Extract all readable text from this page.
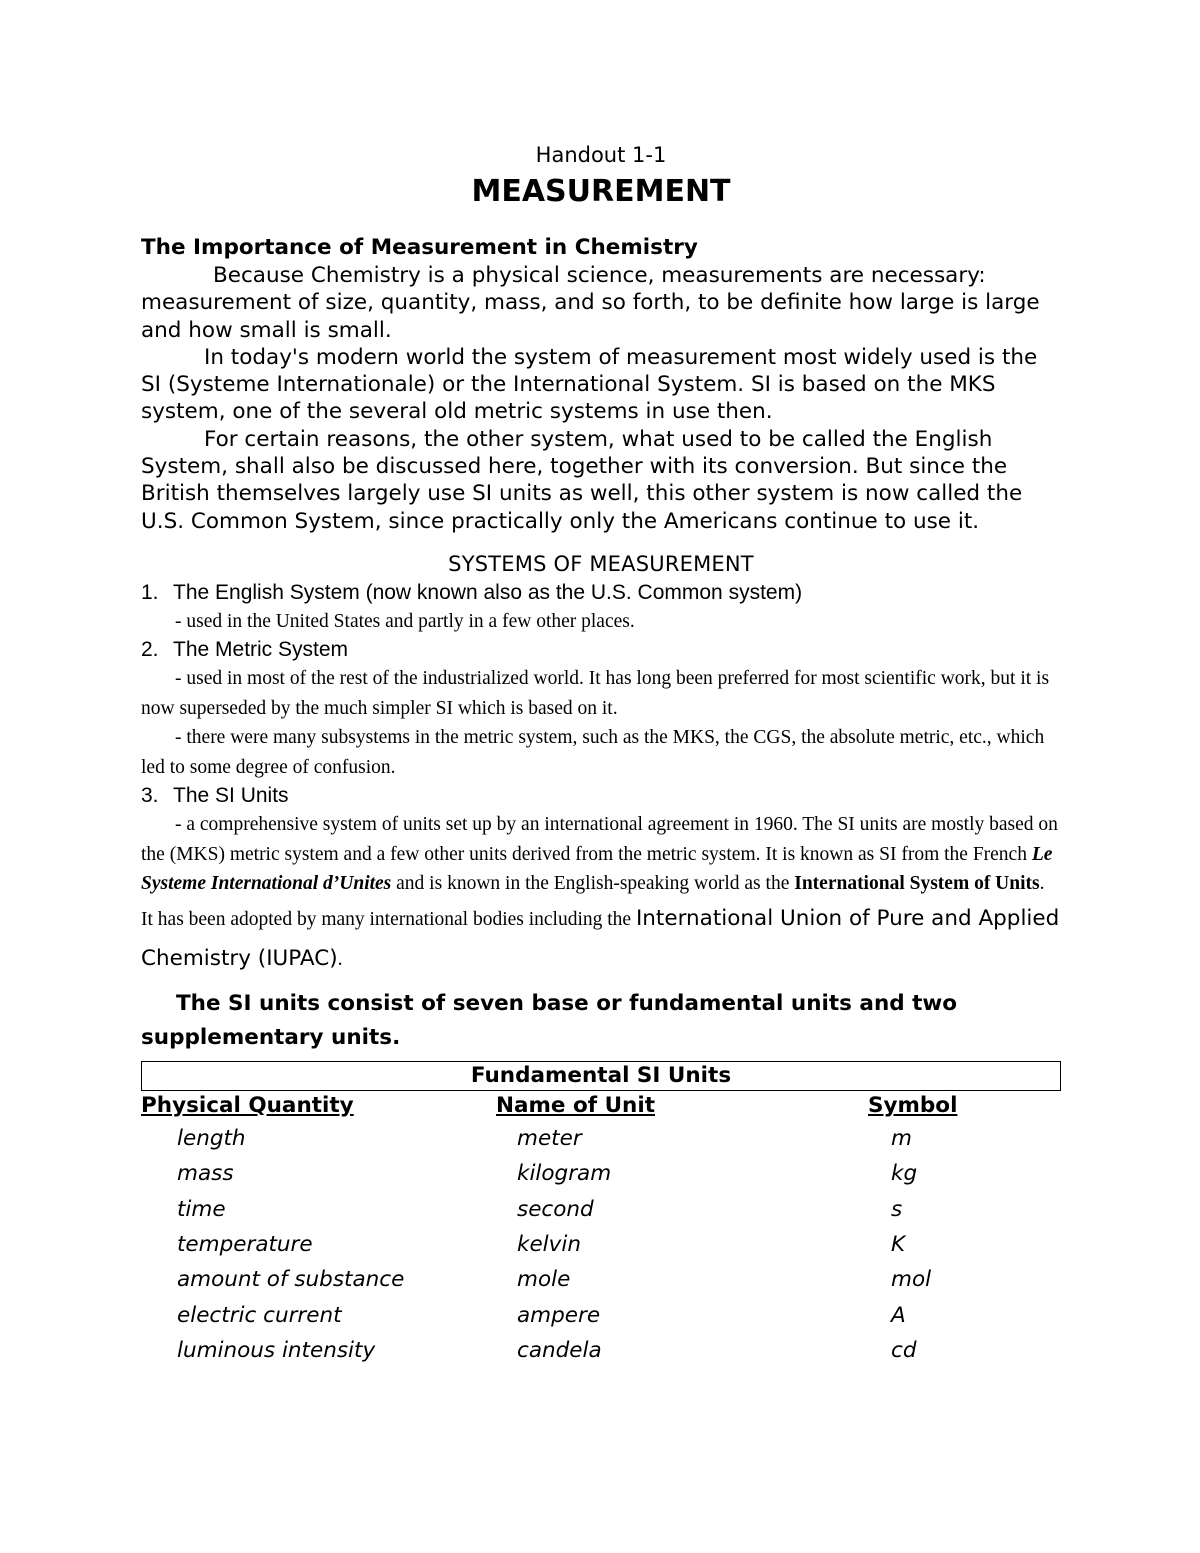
Handout 1-1
MEASUREMENT
The Importance of Measurement in Chemistry

Because Chemistry is a physical science, measurements are necessary: measurement of size, quantity, mass, and so forth, to be definite how large is large and how small is small.

In today's modern world the system of measurement most widely used is the SI (Systeme Internationale) or the International System. SI is based on the MKS system, one of the several old metric systems in use then.

For certain reasons, the other system, what used to be called the English System, shall also be discussed here, together with its conversion. But since the British themselves largely use SI units as well, this other system is now called the U.S. Common System, since practically only the Americans continue to use it.

SYSTEMS OF MEASUREMENT
1. The English System (now known also as the U.S. Common system)

- used in the United States and partly in a few other places.

2. The Metric System

- used in most of the rest of the industrialized world. It has long been preferred for most scientific work, but it is now superseded by the much simpler SI which is based on it.

- there were many subsystems in the metric system, such as the MKS, the CGS, the absolute metric, etc., which led to some degree of confusion.

3. The SI Units

- a comprehensive system of units set up by an international agreement in 1960. The SI units are mostly based on the (MKS) metric system and a few other units derived from the metric system. It is known as SI from the French Le Systeme International d’Unites and is known in the English-speaking world as the International System of Units. It has been adopted by many international bodies including the International Union of Pure and Applied Chemistry (IUPAC).

The SI units consist of seven base or fundamental units and two supplementary units.

Fundamental SI Units
Physical Quantity	Name of Unit	Symbol
length	meter	m
mass	kilogram	kg
time	second	s
temperature	kelvin	K
amount of substance	mole	mol
electric current	ampere	A
luminous intensity	candela	cd
